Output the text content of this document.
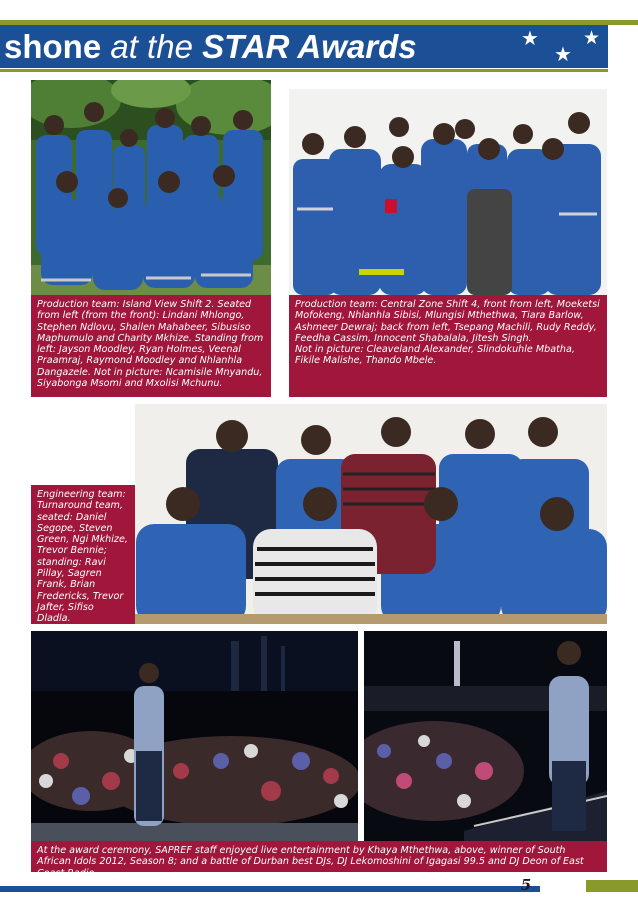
shone at the STAR Awards	★
★
★
Production team: Island View Shift 2. Seated from left (from the front): Lindani Mhlongo, Stephen Ndlovu, Shailen Mahabeer, Sibusiso Maphumulo and Charity Mkhize. Standing from left: Jayson Moodley, Ryan Holmes, Veenal Praamraj, Raymond Moodley and Nhlanhla Dangazele. Not in picture: Ncamisile Mnyandu, Siyabonga Msomi and Mxolisi Mchunu.
Production team: Central Zone Shift 4, front from left, Moeketsi Mofokeng, Nhlanhla Sibisi, Mlungisi Mthethwa, Tiara Barlow, Ashmeer Dewraj; back from left, Tsepang Machili, Rudy Reddy, Feedha Cassim, Innocent Shabalala, Jitesh Singh.
Not in picture: Cleaveland Alexander, Slindokuhle Mbatha, Fikile Malishe, Thando Mbele.
Engineering team: Turnaround team, seated: Daniel Segope, Steven Green, Ngi Mkhize, Trevor Bennie; standing: Ravi Pillay, Sagren Frank, Brian Fredericks, Trevor Jafter, Sifiso Dladla.
At the award ceremony, SAPREF staff enjoyed live entertainment by Khaya Mthethwa, above, winner of South African Idols 2012, Season 8; and a battle of Durban best DJs, DJ Lekomoshini of Igagasi 99.5 and DJ Deon of East Coast Radio.
5
